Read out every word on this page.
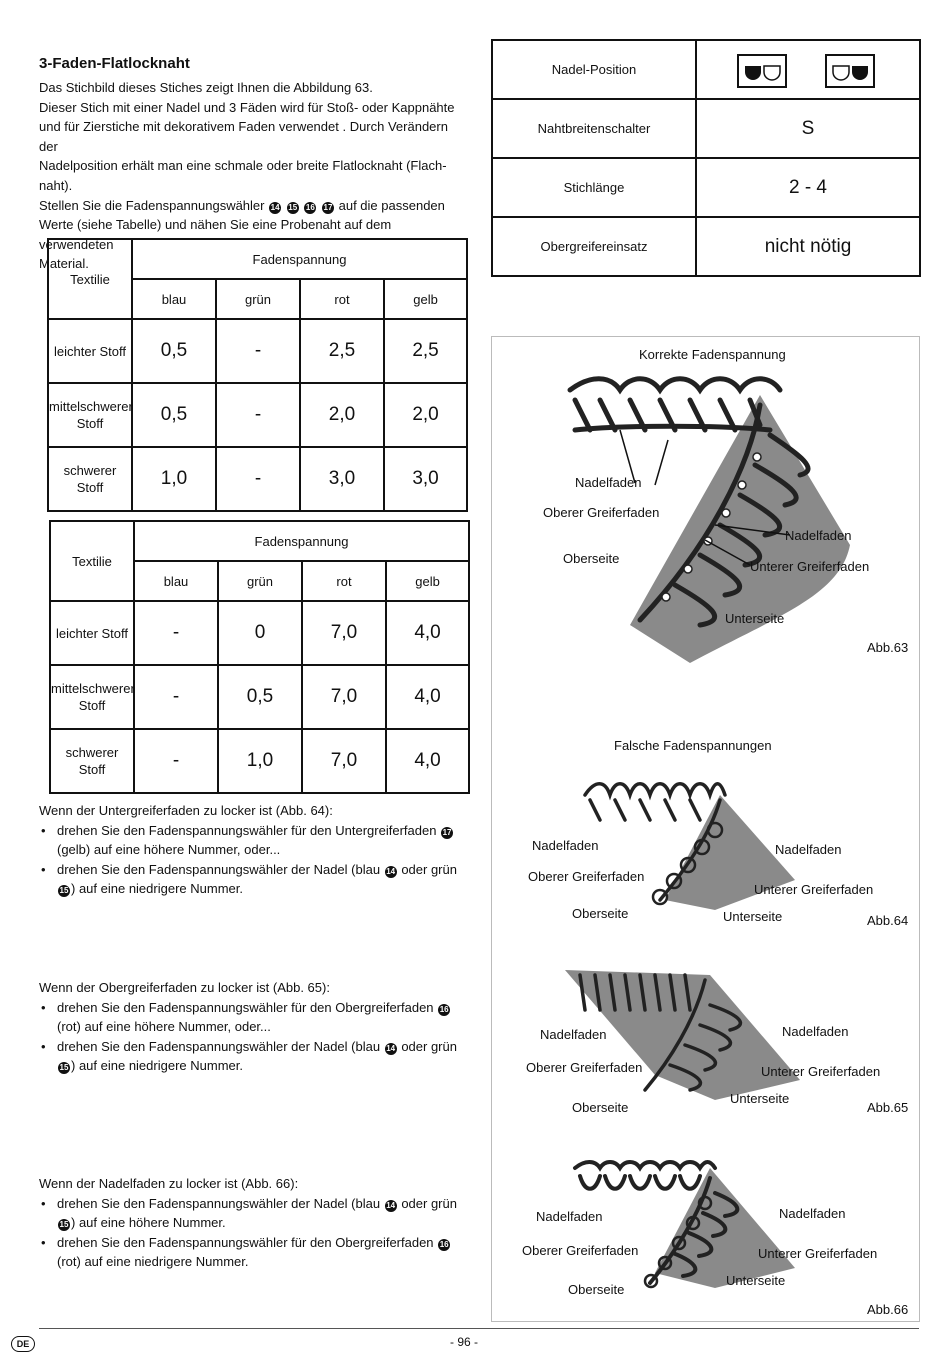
3-Faden-Flatlocknaht
Das Stichbild dieses Stiches zeigt Ihnen die Abbildung 63.
Dieser Stich mit einer Nadel und 3 Fäden wird für Stoß- oder Kappnähte
und für Zierstiche mit dekorativem Faden verwendet . Durch Verändern der
Nadelposition erhält man eine schmale oder breite Flatlocknaht (Flach-
naht).
Stellen Sie die Fadenspannungswähler 14 15 16 17 auf die passenden
Werte (siehe Tabelle) und nähen Sie eine Probenaht auf dem verwendeten
Material.
Nadel-Position	
Nahtbreitenschalter	S
Stichlänge	2 - 4
Obergreifereinsatz	nicht nötig
Textilie	Fadenspannung			
	blau	grün	rot	gelb
leichter Stoff	0,5	-	2,5	2,5
mittelschwerer Stoff	0,5	-	2,0	2,0
schwerer Stoff	1,0	-	3,0	3,0
Textilie	Fadenspannung			
	blau	grün	rot	gelb
leichter Stoff	-	0	7,0	4,0
mittelschwerer Stoff	-	0,5	7,0	4,0
schwerer Stoff	-	1,0	7,0	4,0
Wenn der Untergreiferfaden zu locker ist (Abb. 64):
• drehen Sie den Fadenspannungswähler für den Untergreiferfaden 17
(gelb) auf eine höhere Nummer, oder...
• drehen Sie den Fadenspannungswähler der Nadel (blau 14 oder grün
15 ) auf eine niedrigere Nummer.
Wenn der Obergreiferfaden zu locker ist (Abb. 65):
• drehen Sie den Fadenspannungswähler für den Obergreiferfaden 16
(rot) auf eine höhere Nummer, oder...
• drehen Sie den Fadenspannungswähler der Nadel (blau 14 oder grün
15 ) auf eine niedrigere Nummer.
Wenn der Nadelfaden zu locker ist (Abb. 66):
• drehen Sie den Fadenspannungswähler der Nadel (blau 14 oder grün
15 ) auf eine höhere Nummer.
• drehen Sie den Fadenspannungswähler für den Obergreiferfaden 16
(rot) auf eine niedrigere Nummer.
Korrekte Fadenspannung
Nadelfaden
Oberer Greiferfaden
Oberseite
Nadelfaden
Unterer Greiferfaden
Unterseite
Abb.63
Falsche Fadenspannungen
Nadelfaden
Oberer Greiferfaden
Oberseite
Nadelfaden
Unterer Greiferfaden
Unterseite	Abb.64
Nadelfaden
Oberer Greiferfaden
Oberseite
Nadelfaden
Unterer Greiferfaden
Unterseite
Abb.65
Nadelfaden
Oberer Greiferfaden
Oberseite
Nadelfaden
Unterer Greiferfaden
Unterseite
Abb.66
DE	- 96 -
